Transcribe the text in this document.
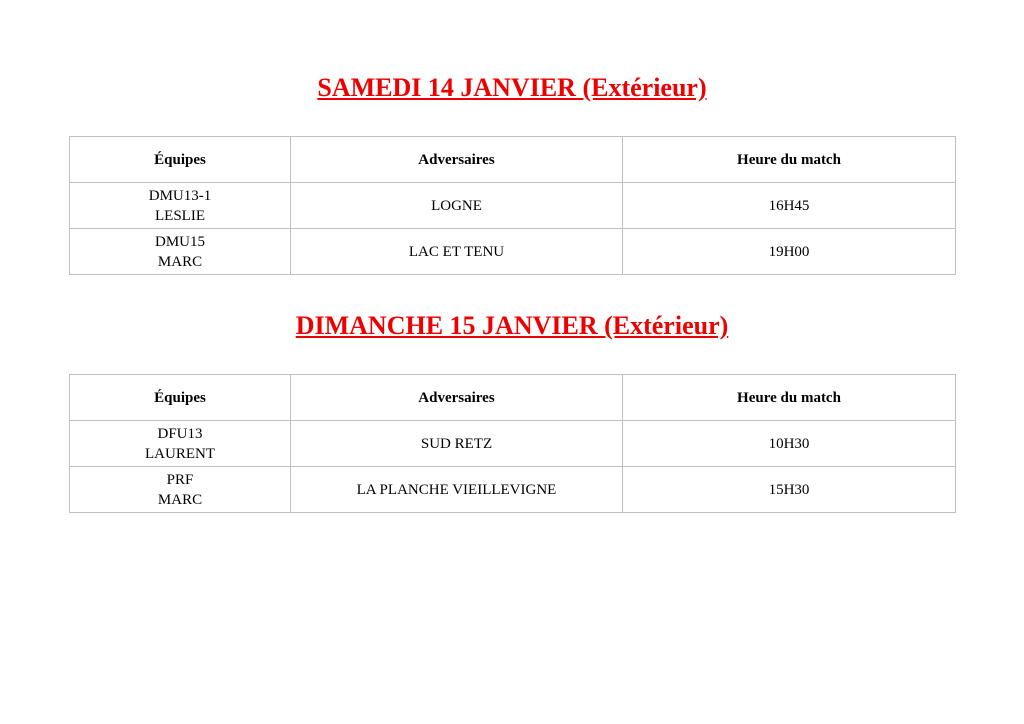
SAMEDI 14 JANVIER (Extérieur)
Équipes	Adversaires	Heure du match

DMU13-1
LESLIE	LOGNE	16H45

DMU15
MARC	LAC ET TENU	19H00
DIMANCHE 15 JANVIER (Extérieur)
Équipes	Adversaires	Heure du match

DFU13
LAURENT	SUD RETZ	10H30

PRF
MARC	LA PLANCHE VIEILLEVIGNE	15H30
